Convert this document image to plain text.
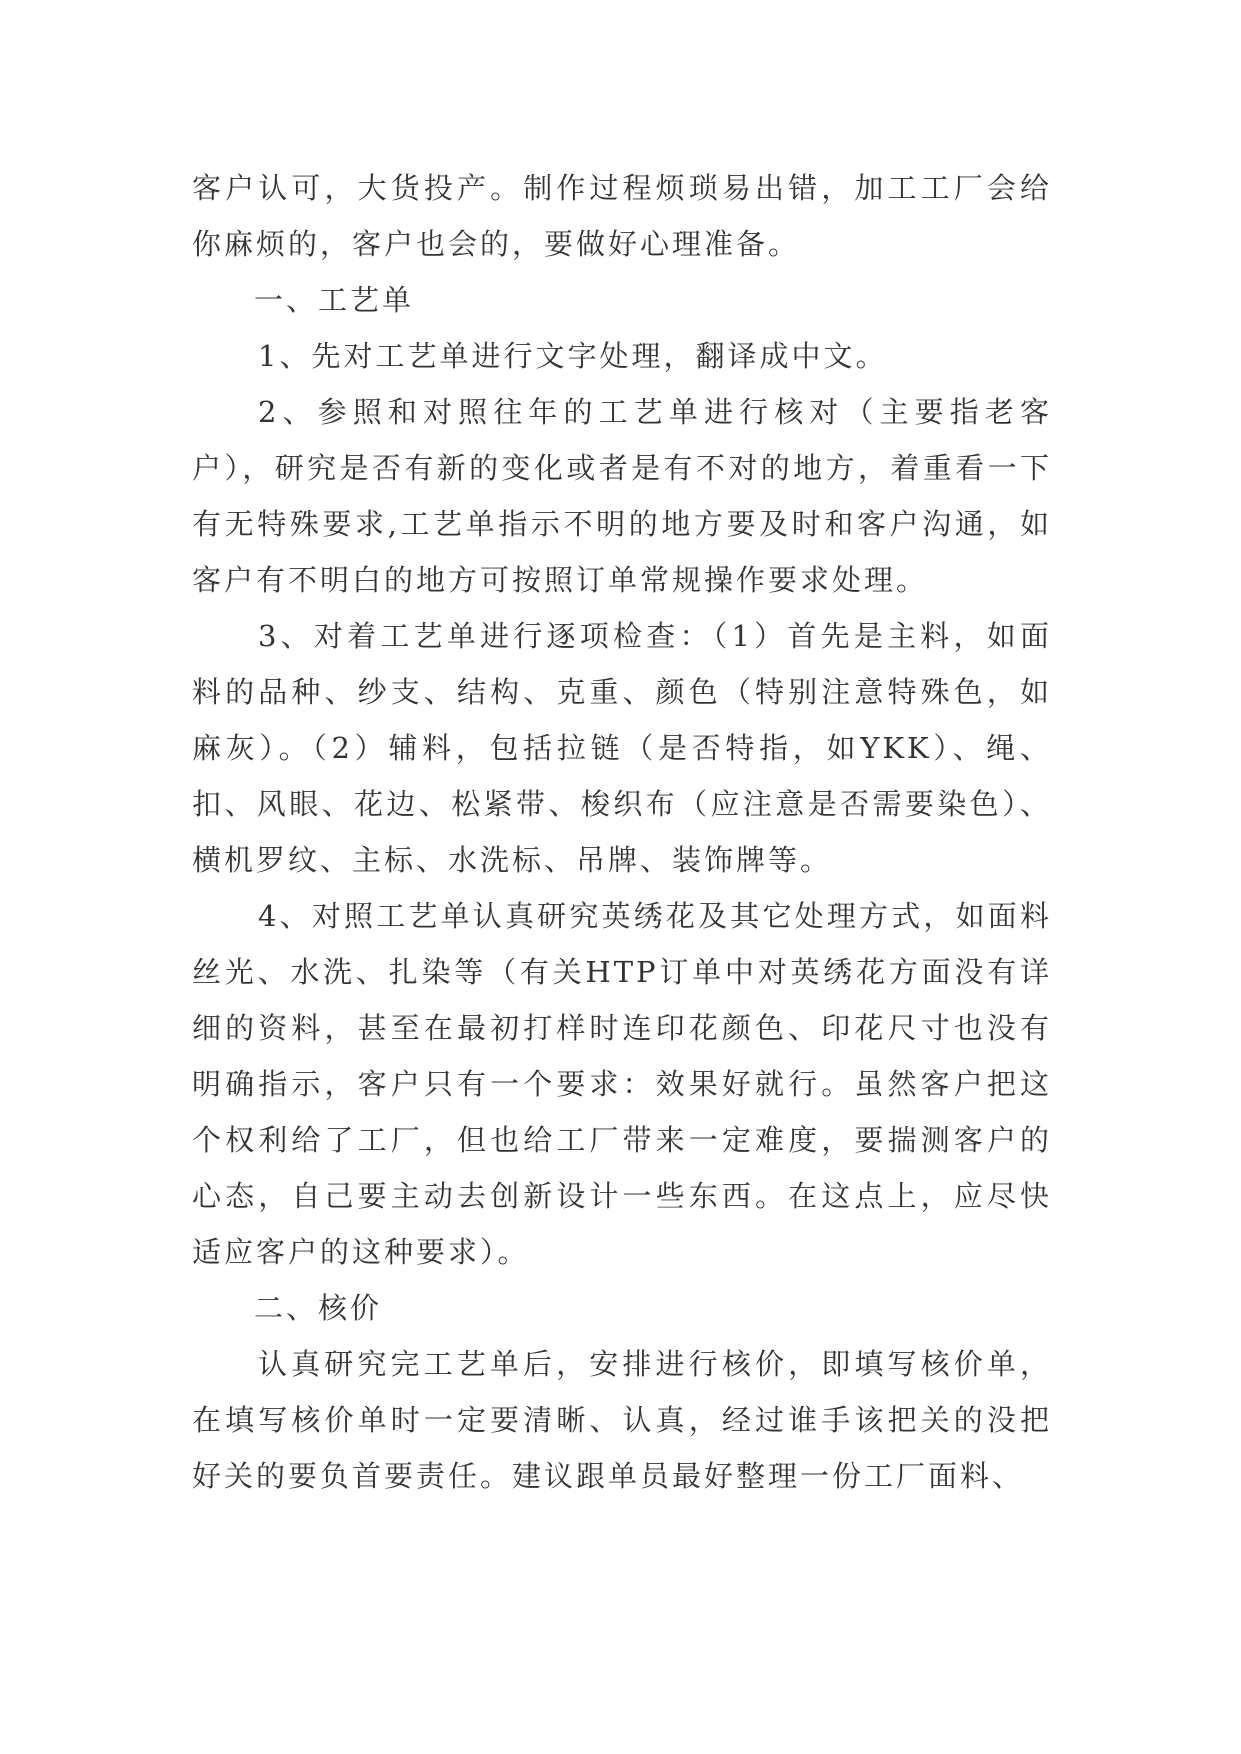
客户认可，大货投产。制作过程烦琐易出错，加工工厂会给你麻烦的，客户也会的，要做好心理准备。

一、工艺单

1、先对工艺单进行文字处理，翻译成中文。

2、参照和对照往年的工艺单进行核对（主要指老客户），研究是否有新的变化或者是有不对的地方，着重看一下有无特殊要求,工艺单指示不明的地方要及时和客户沟通，如客户有不明白的地方可按照订单常规操作要求处理。

3、对着工艺单进行逐项检查：（1）首先是主料，如面料的品种、纱支、结构、克重、颜色（特别注意特殊色，如麻灰）。（2）辅料，包括拉链（是否特指，如YKK）、绳、扣、风眼、花边、松紧带、梭织布（应注意是否需要染色）、横机罗纹、主标、水洗标、吊牌、装饰牌等。

4、对照工艺单认真研究英绣花及其它处理方式，如面料丝光、水洗、扎染等（有关HTP订单中对英绣花方面没有详细的资料，甚至在最初打样时连印花颜色、印花尺寸也没有明确指示，客户只有一个要求：效果好就行。虽然客户把这个权利给了工厂，但也给工厂带来一定难度，要揣测客户的心态，自己要主动去创新设计一些东西。在这点上，应尽快适应客户的这种要求）。

二、核价

认真研究完工艺单后，安排进行核价，即填写核价单，在填写核价单时一定要清晰、认真，经过谁手该把关的没把好关的要负首要责任。建议跟单员最好整理一份工厂面料、
